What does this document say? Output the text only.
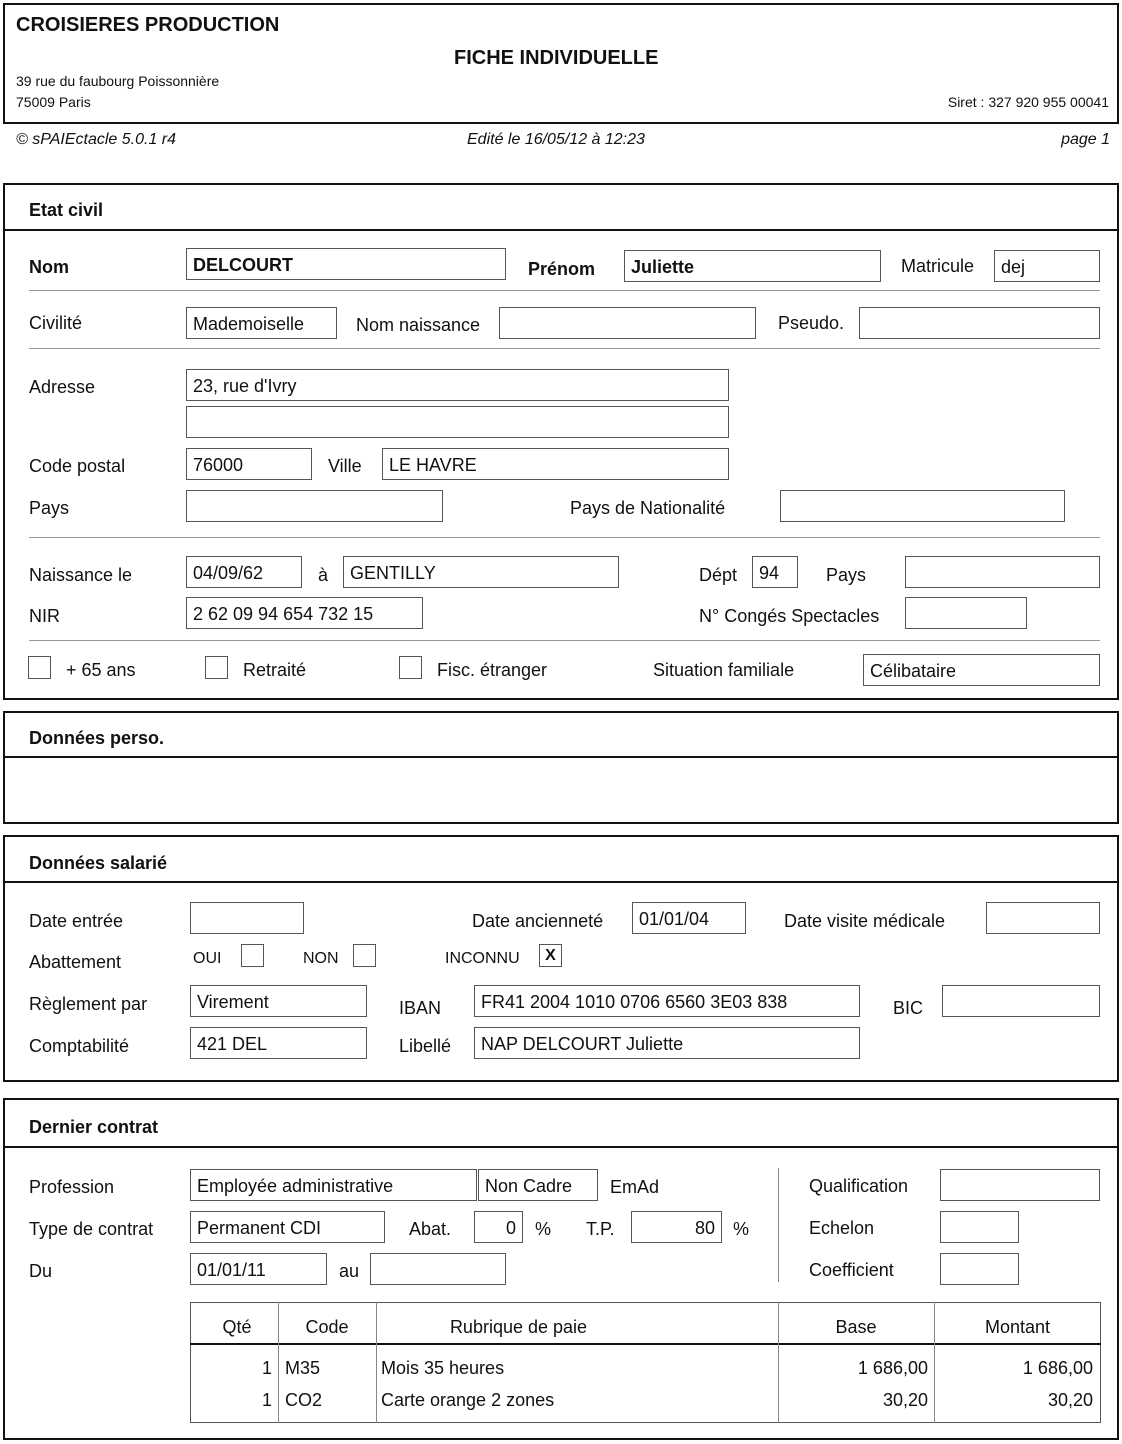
CROISIERES PRODUCTION
FICHE INDIVIDUELLE
39 rue du faubourg Poissonnière
75009 Paris	Siret : 327 920 955 00041
© sPAIEctacle 5.0.1 r4	Edité le 16/05/12 à 12:23	page 1
Etat civil
Nom	DELCOURT	Prénom	Juliette	Matricule	dej
Civilité	Mademoiselle	Nom naissance	Pseudo.
Adresse	23, rue d'Ivry
Code postal	76000	Ville	LE HAVRE
Pays	Pays de Nationalité
Naissance le	04/09/62	à	GENTILLY	Dépt	94	Pays
NIR	2 62 09 94 654 732 15	N° Congés Spectacles
+ 65 ans	Retraité	Fisc. étranger	Situation familiale	Célibataire
Données perso.
Données salarié
Date entrée	Date ancienneté	01/01/04	Date visite médicale
Abattement	OUI	NON	INCONNU	X
Règlement par	Virement	IBAN	FR41 2004 1010 0706 6560 3E03 838	BIC
Comptabilité	421 DEL	Libellé	NAP DELCOURT Juliette
Dernier contrat
Profession	Employée administrative	Non Cadre	EmAd	Qualification
Type de contrat	Permanent CDI	Abat.	0	% T.P.	80	%	Echelon
Du	01/01/11	au	Coefficient
Qté	Code	Rubrique de paie	Base	Montant
1 M35	Mois 35 heures	1 686,00	1 686,00
1 CO2	Carte orange 2 zones	30,20	30,20
